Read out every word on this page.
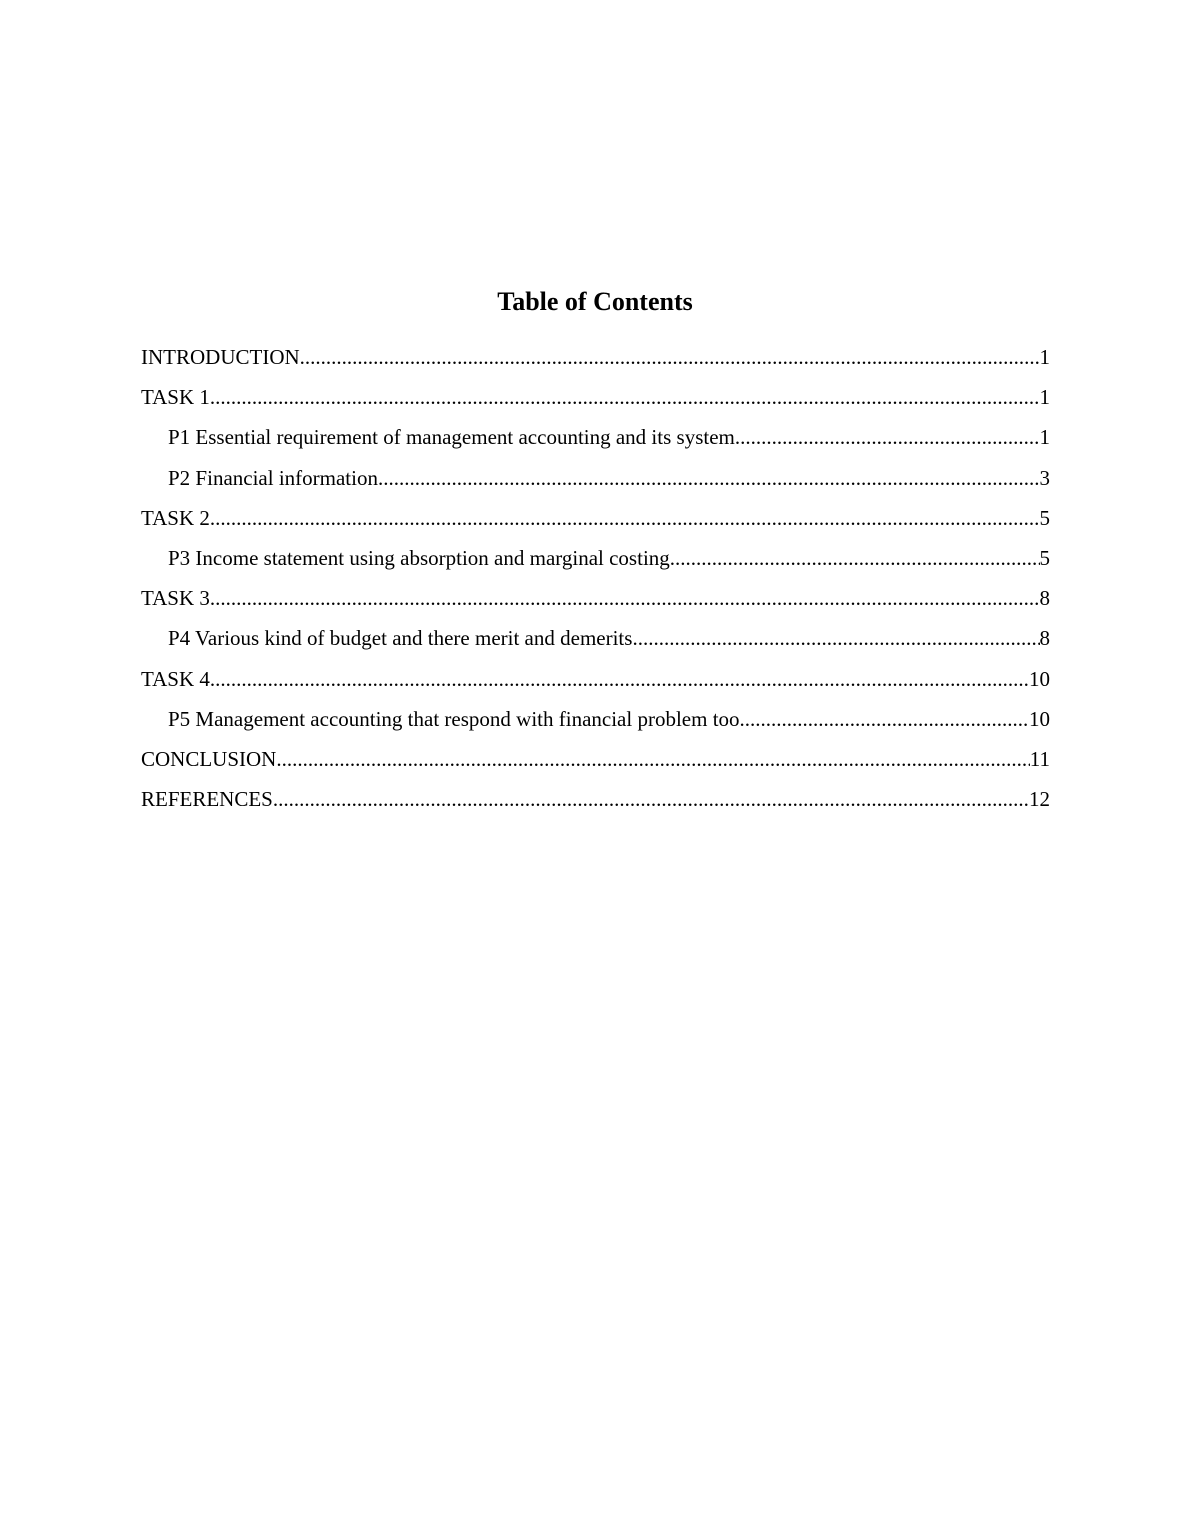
Table of Contents
INTRODUCTION .....	1
TASK 1 .....	1
P1 Essential requirement of management accounting and its system .....	1
P2 Financial information .....	3
TASK 2 .....	5
P3 Income statement using absorption and marginal costing .....	5
TASK 3 .....	8
P4 Various kind of budget and there merit and demerits .....	8
TASK 4 .....	10
P5 Management accounting that respond with financial problem too .....	10
CONCLUSION .....	11
REFERENCES .....	12
